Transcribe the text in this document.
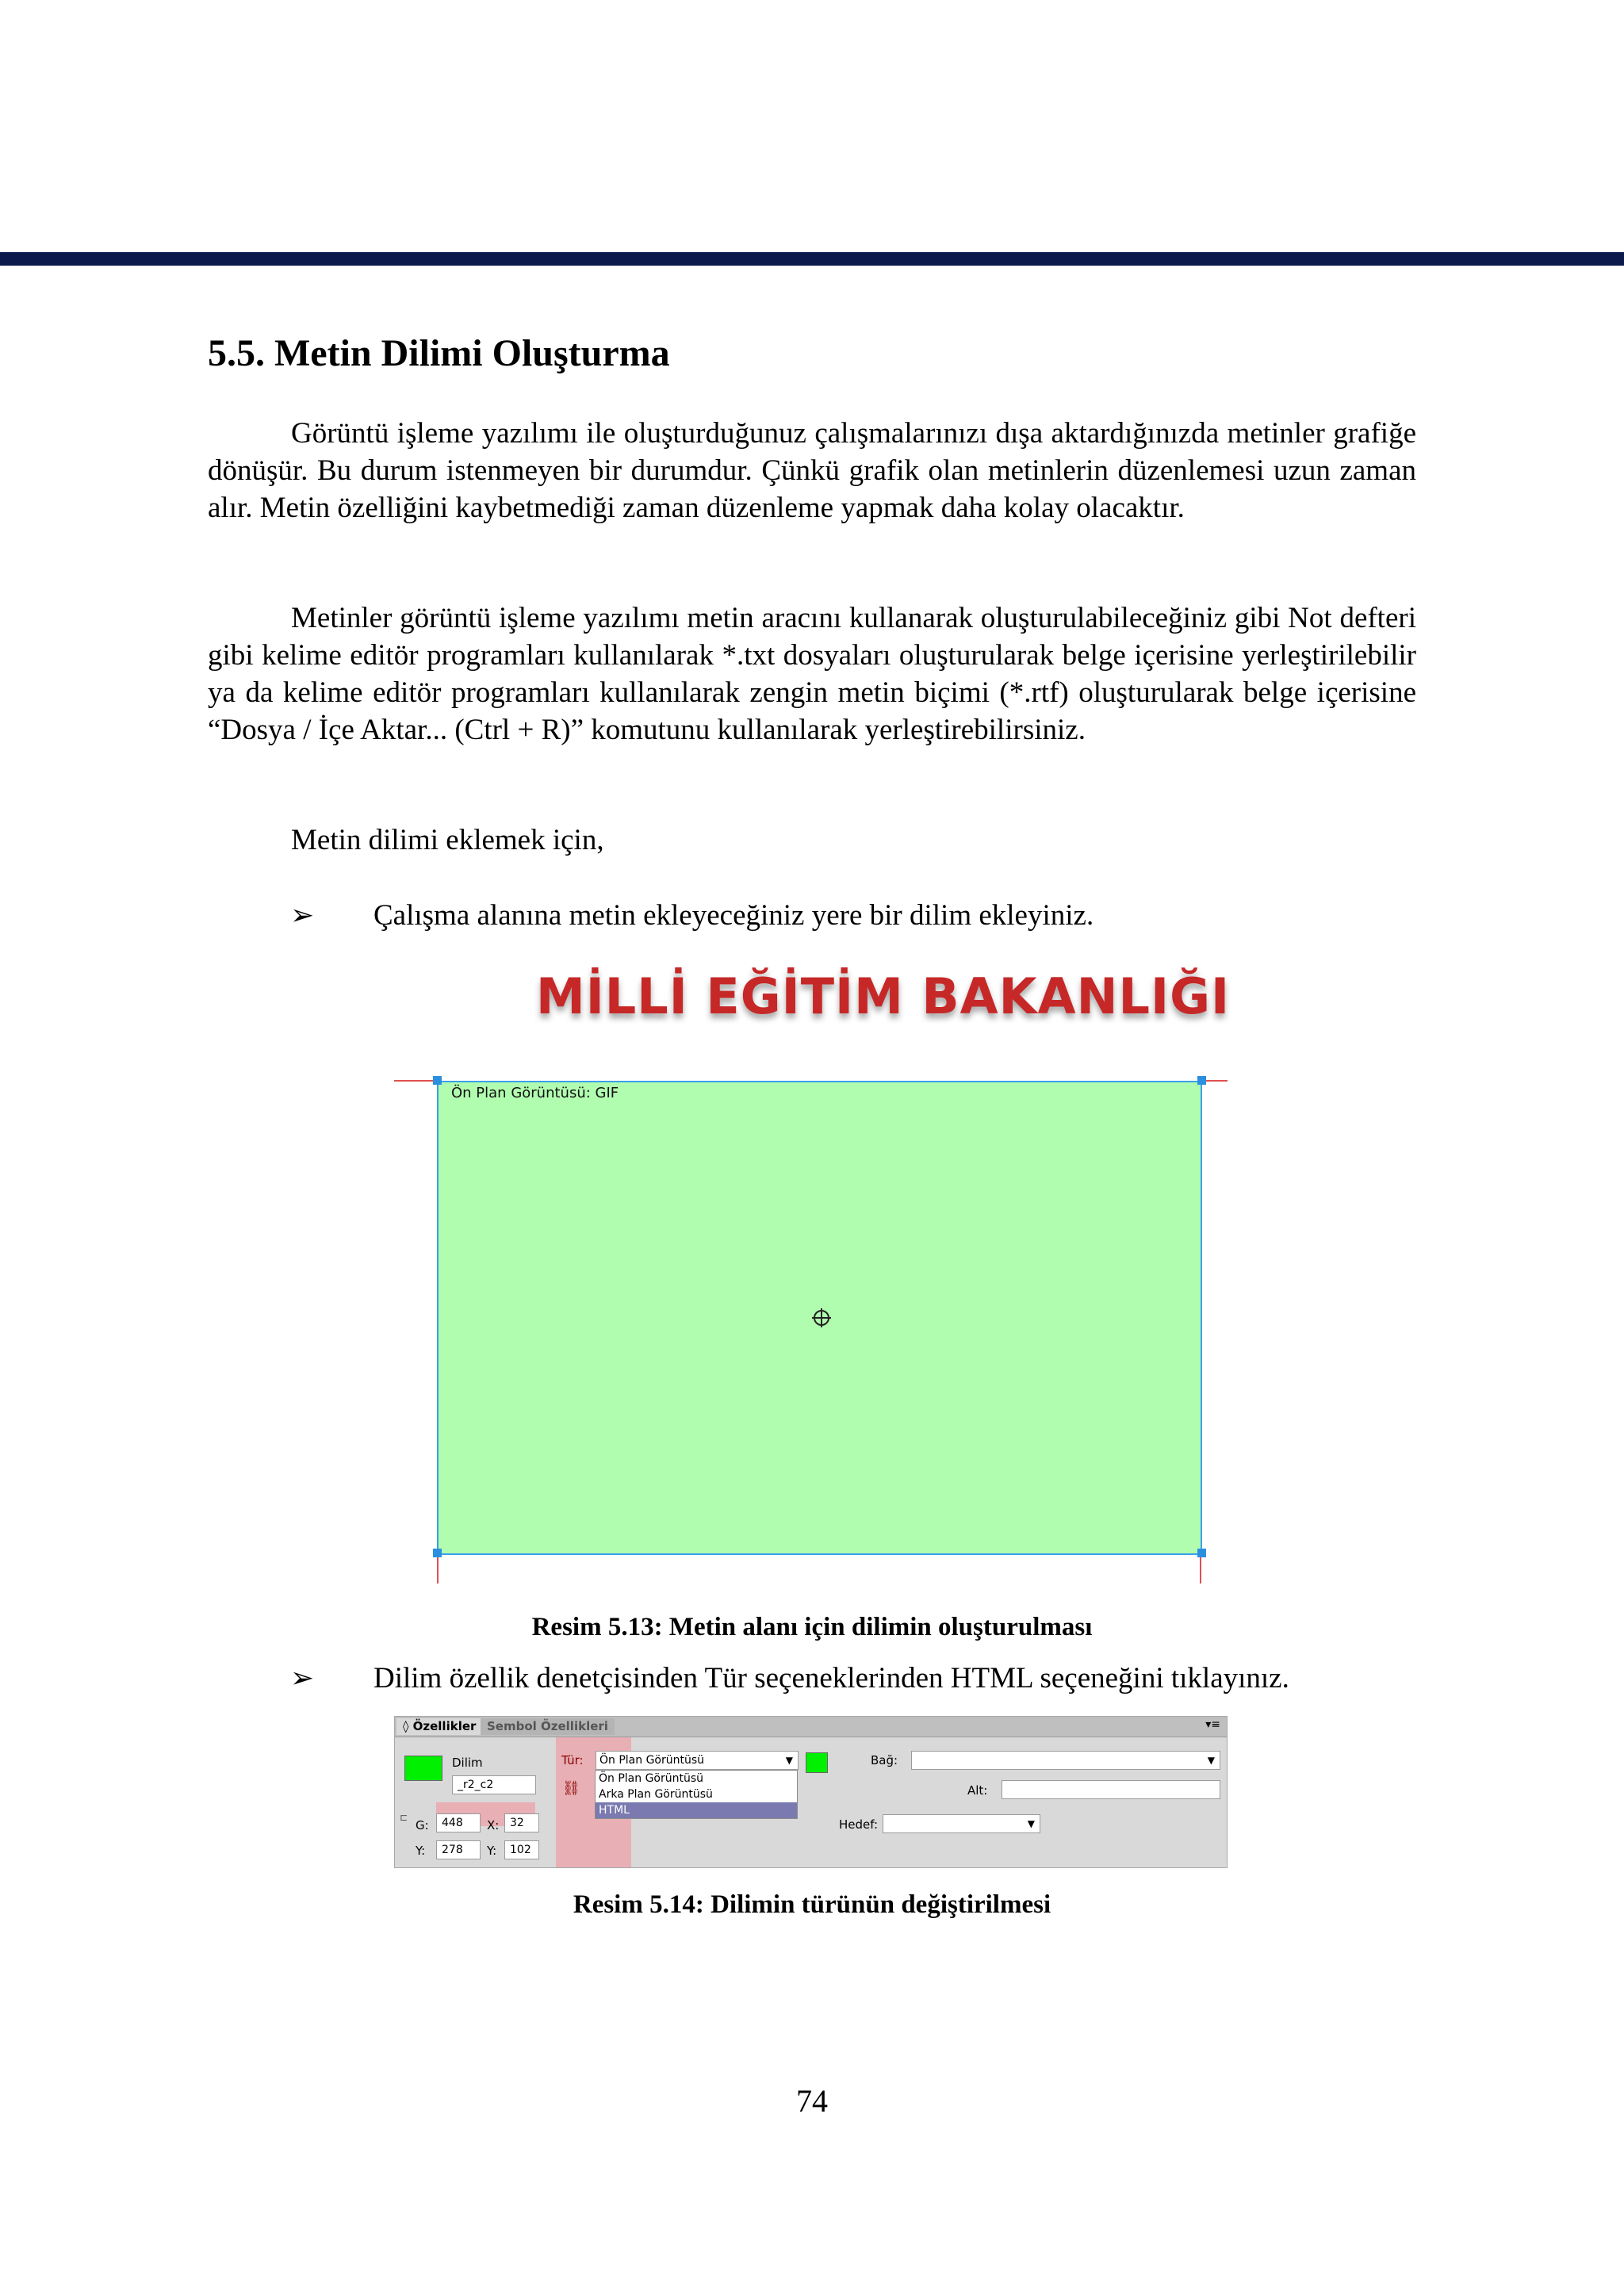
5.5. Metin Dilimi Oluşturma

Görüntü işleme yazılımı ile oluşturduğunuz çalışmalarınızı dışa aktardığınızda metinler grafiğe dönüşür. Bu durum istenmeyen bir durumdur. Çünkü grafik olan metinlerin düzenlemesi uzun zaman alır. Metin özelliğini kaybetmediği zaman düzenleme yapmak daha kolay olacaktır.

Metinler görüntü işleme yazılımı metin aracını kullanarak oluşturulabileceğiniz gibi Not defteri gibi kelime editör programları kullanılarak *.txt dosyaları oluşturularak belge içerisine yerleştirilebilir ya da kelime editör programları kullanılarak zengin metin biçimi (*.rtf) oluşturularak belge içerisine “Dosya / İçe Aktar... (Ctrl + R)” komutunu kullanılarak yerleştirebilirsiniz.

Metin dilimi eklemek için,
➢ Çalışma alanına metin ekleyeceğiniz yere bir dilim ekleyiniz.
MİLLİ EĞİTİM BAKANLIĞI
Ön Plan Görüntüsü: GIF
Resim 5.13: Metin alanı için dilimin oluşturulması
➢ Dilim özellik denetçisinden Tür seçeneklerinden HTML seçeneğini tıklayınız.
◊ Özellikler Sembol Özellikleri	▾≡
Dilim
_r2_c2
Tür:	Ön Plan Görüntüsü	▼
⛓
Bağ:	▼
Alt:
Hedef:	▼
⊏
G:	448	X: 32
Y:	278	Y:	102
Ön Plan Görüntüsü
Arka Plan Görüntüsü
HTML
Resim 5.14: Dilimin türünün değiştirilmesi
74
